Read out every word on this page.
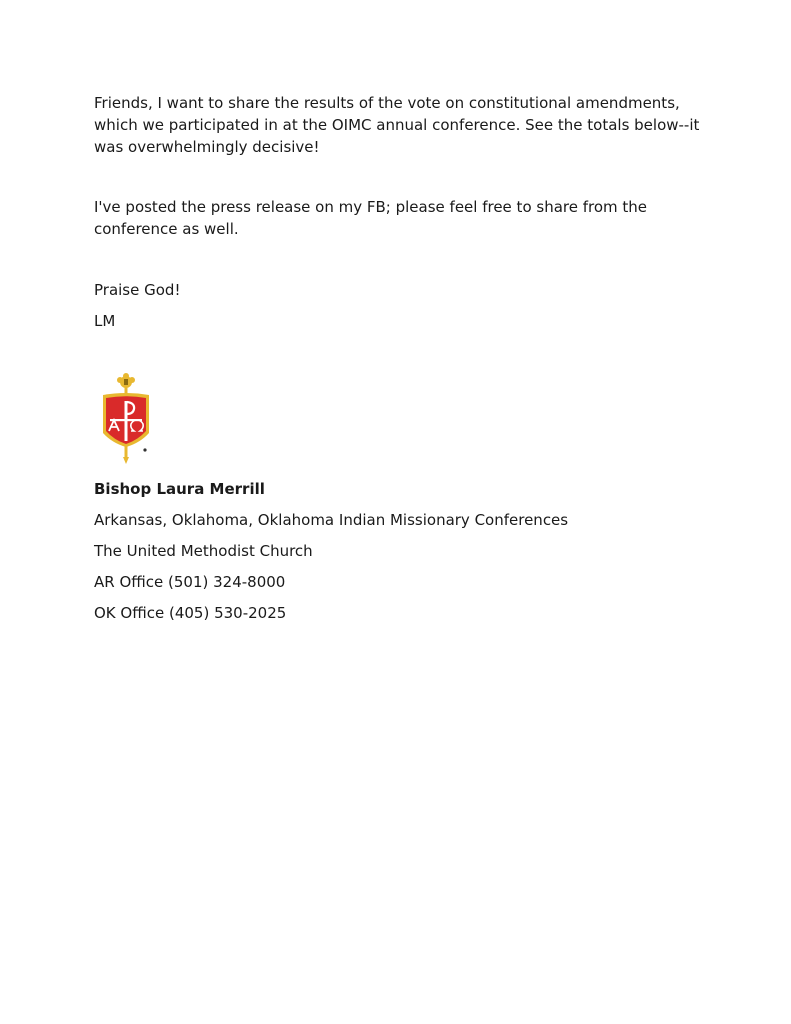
Friends, I want to share the results of the vote on constitutional amendments, which we participated in at the OIMC annual conference. See the totals below--it was overwhelmingly decisive!

I've posted the press release on my FB; please feel free to share from the conference as well.

Praise God!
LM
Bishop Laura Merrill
Arkansas, Oklahoma, Oklahoma Indian Missionary Conferences
The United Methodist Church
AR Office (501) 324-8000
OK Office (405) 530-2025
